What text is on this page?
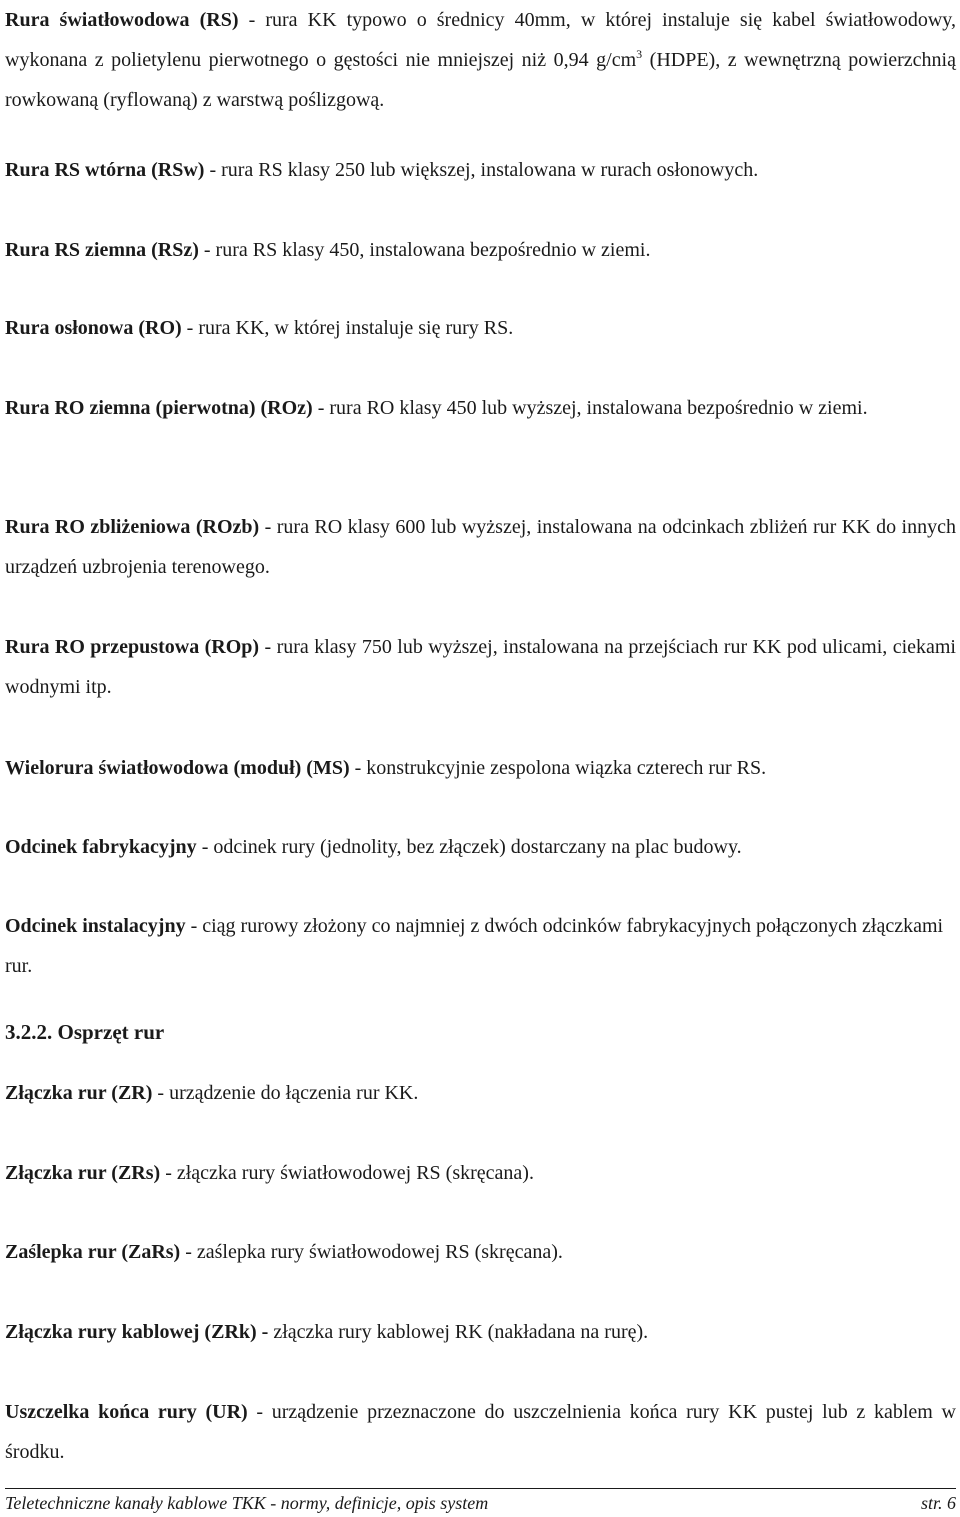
Rura światłowodowa (RS) - rura KK typowo o średnicy 40mm, w której instaluje się kabel światłowodowy, wykonana z polietylenu pierwotnego o gęstości nie mniejszej niż 0,94 $g/cm^3$ (HDPE), z wewnętrzną powierzchnią rowkowaną (ryflowaną) z warstwą poślizgową.

Rura RS wtórna (RSw) - rura RS klasy 250 lub większej, instalowana w rurach osłonowych.

Rura RS ziemna (RSz) - rura RS klasy 450, instalowana bezpośrednio w ziemi.

Rura osłonowa (RO) - rura KK, w której instaluje się rury RS.

Rura RO ziemna (pierwotna) (ROz) - rura RO klasy 450 lub wyższej, instalowana bezpośrednio w ziemi.

Rura RO zbliżeniowa (ROzb) - rura RO klasy 600 lub wyższej, instalowana na odcinkach zbliżeń rur KK do innych urządzeń uzbrojenia terenowego.

Rura RO przepustowa (ROp) - rura klasy 750 lub wyższej, instalowana na przejściach rur KK pod ulicami, ciekami wodnymi itp.

Wielorura światłowodowa (moduł) (MS) - konstrukcyjnie zespolona wiązka czterech rur RS.

Odcinek fabrykacyjny - odcinek rury (jednolity, bez złączek) dostarczany na plac budowy.

Odcinek instalacyjny - ciąg rurowy złożony co najmniej z dwóch odcinków fabrykacyjnych połączonych złączkami rur.

3.2.2. Osprzęt rur

Złączka rur (ZR) - urządzenie do łączenia rur KK.

Złączka rur (ZRs) - złączka rury światłowodowej RS (skręcana).

Zaślepka rur (ZaRs) - zaślepka rury światłowodowej RS (skręcana).

Złączka rury kablowej (ZRk) - złączka rury kablowej RK (nakładana na rurę).

Uszczelka końca rury (UR) - urządzenie przeznaczone do uszczelnienia końca rury KK pustej lub z kablem w środku.

Teletechniczne kanały kablowe TKK - normy, definicje, opis system	str. 6
